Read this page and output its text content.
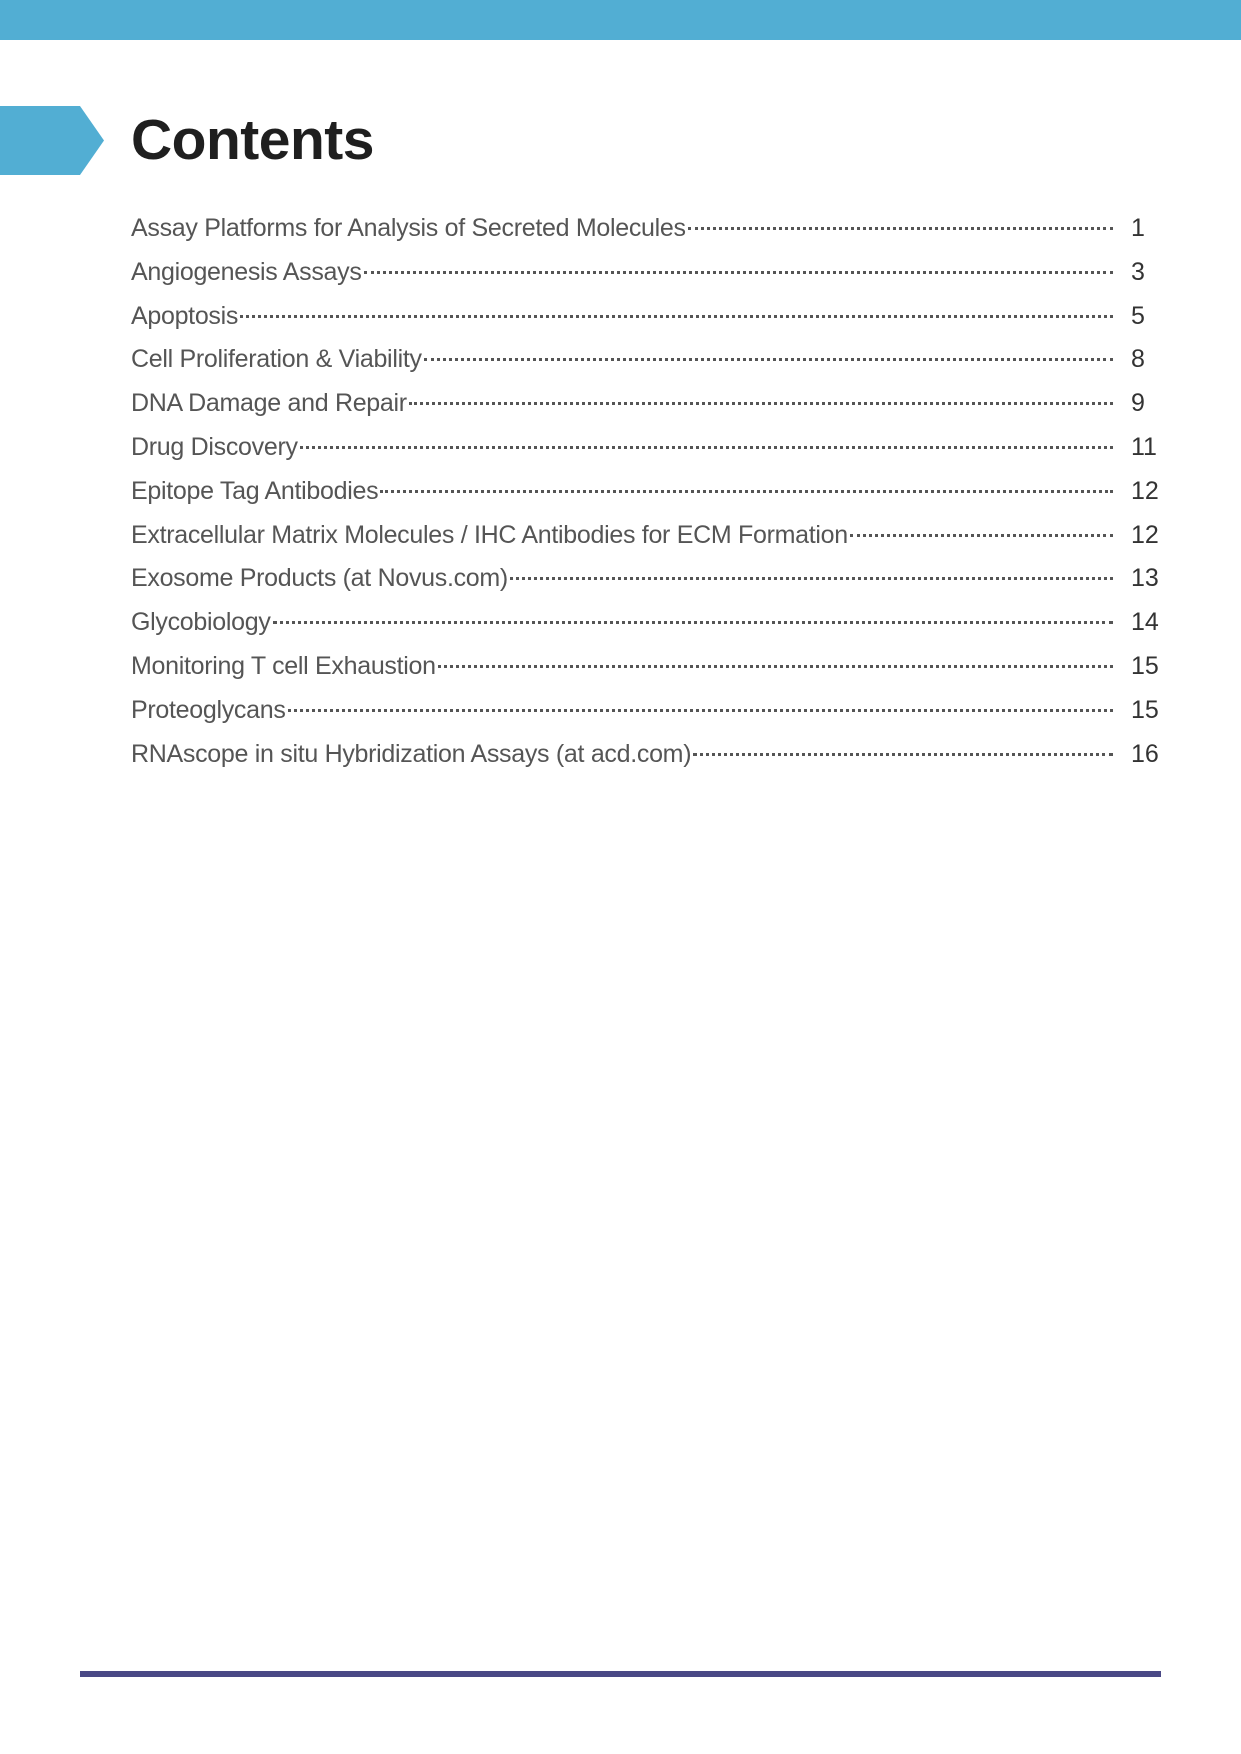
Contents
Assay Platforms for Analysis of Secreted Molecules	1
Angiogenesis Assays	3
Apoptosis	5
Cell Proliferation & Viability	8
DNA Damage and Repair	9
Drug Discovery	11
Epitope Tag Antibodies	12
Extracellular Matrix Molecules / IHC Antibodies for ECM Formation	12
Exosome Products (at Novus.com)	13
Glycobiology	14
Monitoring T cell Exhaustion	15
Proteoglycans	15
RNAscope in situ Hybridization Assays (at acd.com)	16
